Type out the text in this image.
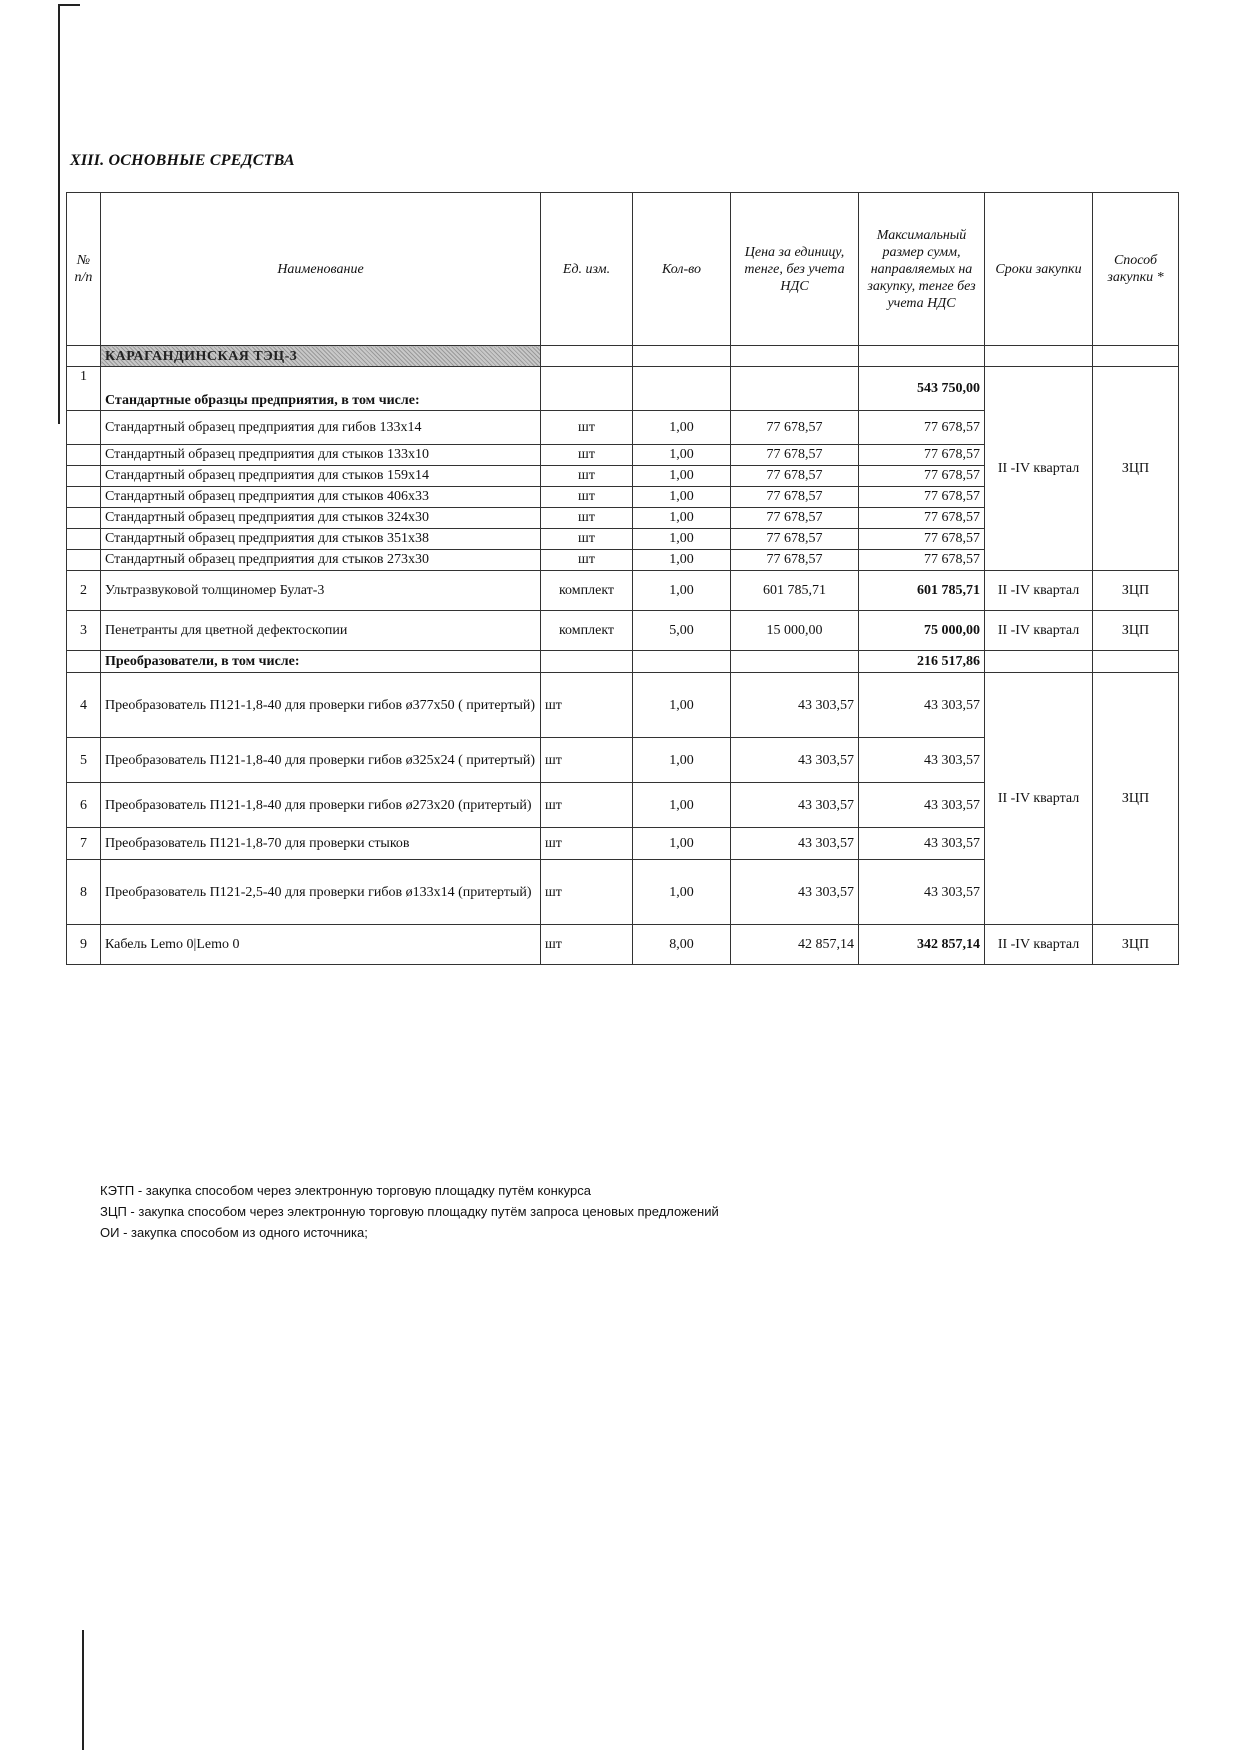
XIII. ОСНОВНЫЕ СРЕДСТВА
№ п/п	Наименование	Ед. изм.	Кол-во	Цена за единицу, тенге, без учета НДС	Максимальный размер сумм, направляемых на закупку, тенге без учета НДС	Сроки закупки	Способ закупки *
	КАРАГАНДИНСКАЯ ТЭЦ-3						
1	Стандартные образцы предприятия, в том числе:				543 750,00	II -IV квартал	ЗЦП
	Стандартный образец предприятия для гибов 133х14	шт	1,00	77 678,57	77 678,57		
	Стандартный образец предприятия для стыков 133х10	шт	1,00	77 678,57	77 678,57		
	Стандартный образец предприятия для стыков 159х14	шт	1,00	77 678,57	77 678,57		
	Стандартный образец предприятия для стыков 406х33	шт	1,00	77 678,57	77 678,57		
	Стандартный образец предприятия для стыков 324х30	шт	1,00	77 678,57	77 678,57		
	Стандартный образец предприятия для стыков 351х38	шт	1,00	77 678,57	77 678,57		
	Стандартный образец предприятия для стыков 273х30	шт	1,00	77 678,57	77 678,57		
2	Ультразвуковой толщиномер Булат-3	комплект	1,00	601 785,71	601 785,71	II -IV квартал	ЗЦП
3	Пенетранты для цветной дефектоскопии	комплект	5,00	15 000,00	75 000,00	II -IV квартал	ЗЦП
	Преобразователи, в том числе:				216 517,86		
4	Преобразователь П121-1,8-40 для проверки гибов ø377х50 ( притертый)	шт	1,00	43 303,57	43 303,57	II -IV квартал	ЗЦП
5	Преобразователь П121-1,8-40 для проверки гибов ø325х24 ( притертый)	шт	1,00	43 303,57	43 303,57		
6	Преобразователь П121-1,8-40 для проверки гибов ø273х20 (притертый)	шт	1,00	43 303,57	43 303,57		
7	Преобразователь П121-1,8-70 для проверки стыков	шт	1,00	43 303,57	43 303,57		
8	Преобразователь П121-2,5-40 для проверки гибов ø133х14 (притертый)	шт	1,00	43 303,57	43 303,57		
9	Кабель Lemo 0|Lemo 0	шт	8,00	42 857,14	342 857,14	II -IV квартал	ЗЦП
КЭТП - закупка способом через электронную торговую площадку путём конкурса
ЗЦП - закупка способом через электронную торговую площадку путём запроса ценовых предложений
ОИ - закупка способом из одного источника;
